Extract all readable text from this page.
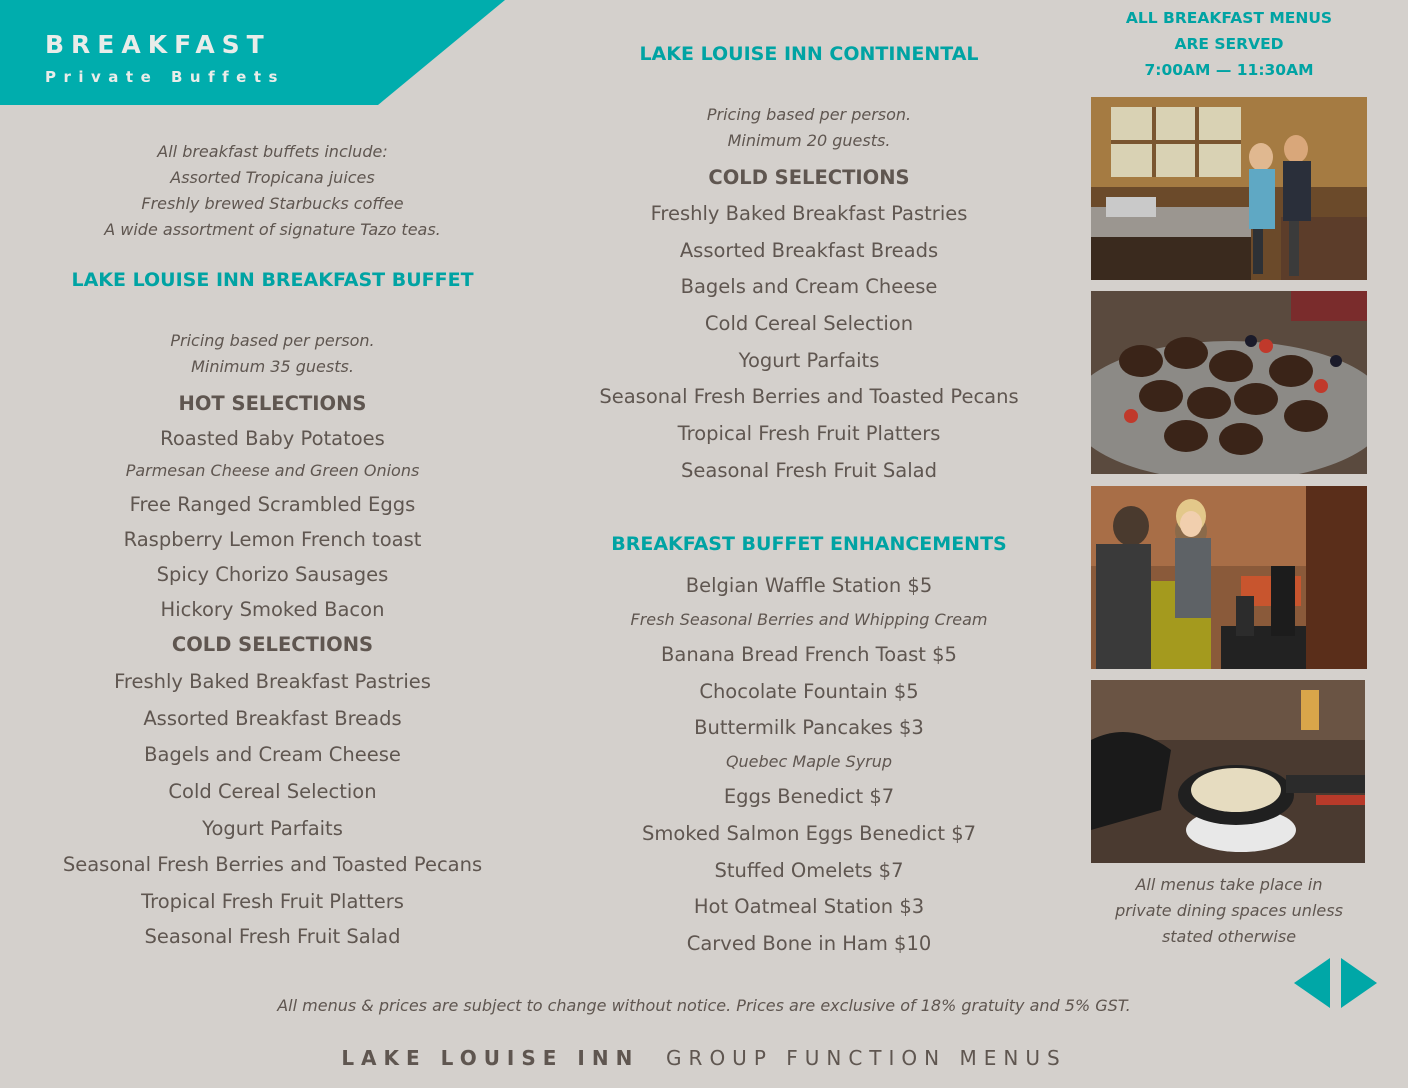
BREAKFAST
Private Buffets
All breakfast buffets include:
Assorted Tropicana juices
Freshly brewed Starbucks coffee
A wide assortment of signature Tazo teas.
LAKE LOUISE INN BREAKFAST BUFFET
Pricing based per person.
Minimum 35 guests.
HOT SELECTIONS
Roasted Baby Potatoes
Parmesan Cheese and Green Onions
Free Ranged Scrambled Eggs
Raspberry Lemon French toast
Spicy Chorizo Sausages
Hickory Smoked Bacon
COLD SELECTIONS
Freshly Baked Breakfast Pastries
Assorted Breakfast Breads
Bagels and Cream Cheese
Cold Cereal Selection
Yogurt Parfaits
Seasonal Fresh Berries and Toasted Pecans
Tropical Fresh Fruit Platters
Seasonal Fresh Fruit Salad
LAKE LOUISE INN CONTINENTAL
Pricing based per person.
Minimum 20 guests.
COLD SELECTIONS
Freshly Baked Breakfast Pastries
Assorted Breakfast Breads
Bagels and Cream Cheese
Cold Cereal Selection
Yogurt Parfaits
Seasonal Fresh Berries and Toasted Pecans
Tropical Fresh Fruit Platters
Seasonal Fresh Fruit Salad
BREAKFAST BUFFET ENHANCEMENTS
Belgian Waffle Station $5
Fresh Seasonal Berries and Whipping Cream
Banana Bread French Toast $5
Chocolate Fountain $5
Buttermilk Pancakes $3
Quebec Maple Syrup
Eggs Benedict $7
Smoked Salmon Eggs Benedict $7
Stuffed Omelets $7
Hot Oatmeal Station $3
Carved Bone in Ham $10
ALL BREAKFAST MENUS
ARE SERVED
7:00AM — 11:30AM
All menus take place in
private dining spaces unless
stated otherwise
All menus & prices are subject to change without notice. Prices are exclusive of 18% gratuity and 5% GST.
LAKE LOUISE INN GROUP FUNCTION MENUS
